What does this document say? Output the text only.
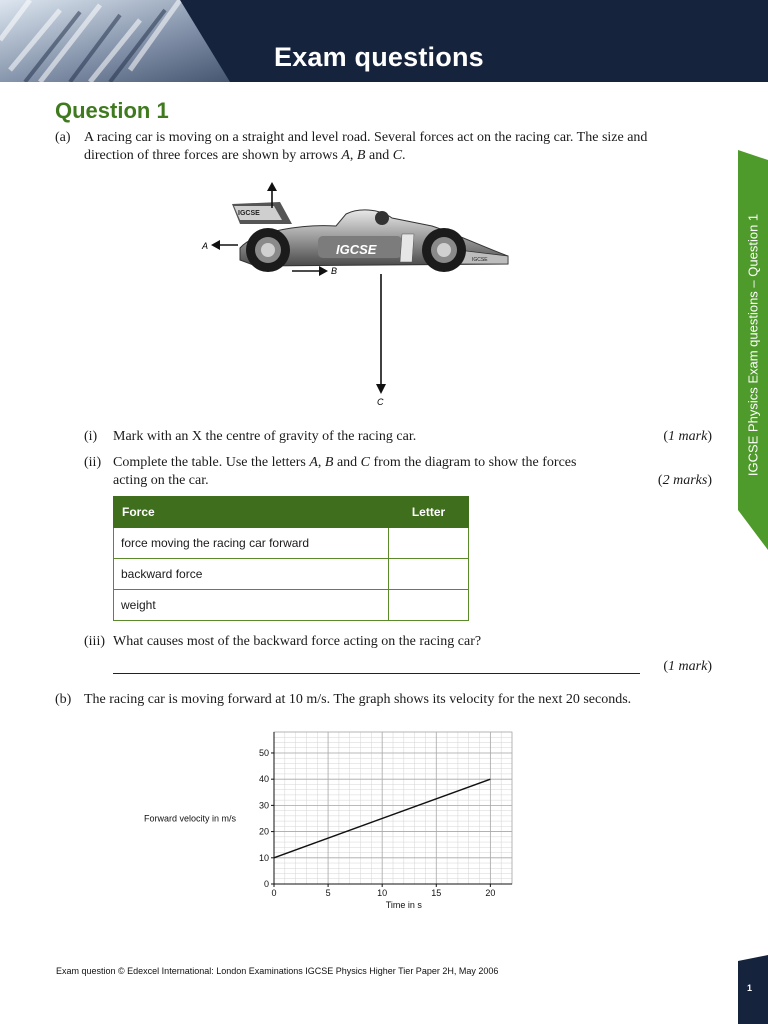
Exam questions
IGCSE Physics Exam questions – Question 1
Question 1
(a) A racing car is moving on a straight and level road. Several forces act on the racing car. The size and
direction of three forces are shown by arrows A, B and C.
IGCSE
IGCSE
IGCSE
A
B
C
(i) Mark with an X the centre of gravity of the racing car.	(1 mark)
(ii) Complete the table. Use the letters A, B and C from the diagram to show the forces
acting on the car.	(2 marks)
Force	Letter
force moving the racing car forward	
backward force	
weight	
(iii) What causes most of the backward force acting on the racing car?
(1 mark)
(b) The racing car is moving forward at 10 m/s. The graph shows its velocity for the next 20 seconds.
0	5	10	15	20
0
10
20
30
40
50
Forward velocity in m/s
Time in s
Exam question © Edexcel International: London Examinations IGCSE Physics Higher Tier Paper 2H, May 2006
1
